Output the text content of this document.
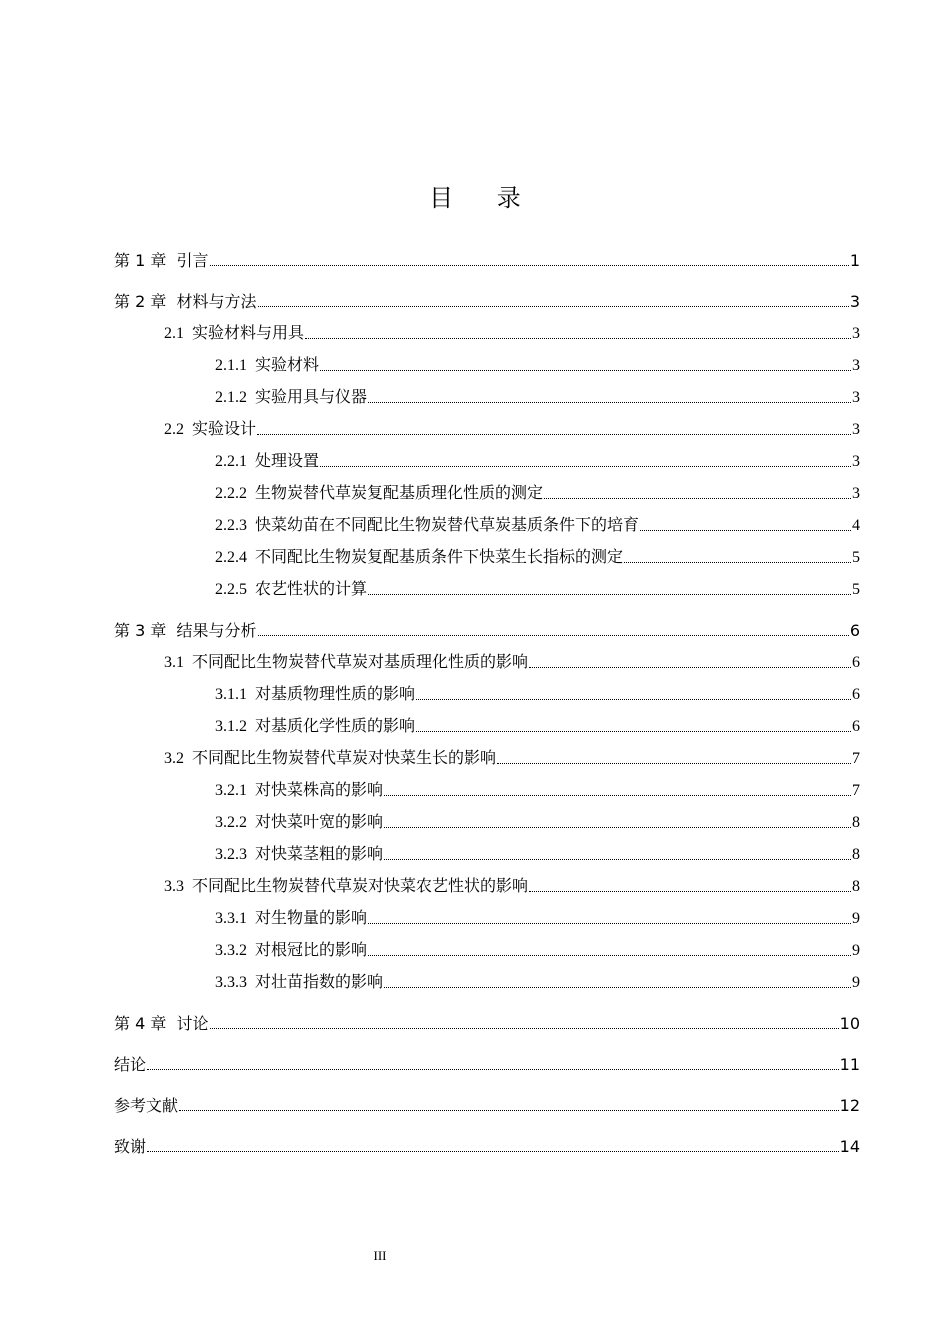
目 录
第 1 章 引言	1
第 2 章 材料与方法	3
2.1 实验材料与用具	3
2.1.1 实验材料	3
2.1.2 实验用具与仪器	3
2.2 实验设计	3
2.2.1 处理设置	3
2.2.2 生物炭替代草炭复配基质理化性质的测定	3
2.2.3 快菜幼苗在不同配比生物炭替代草炭基质条件下的培育	4
2.2.4 不同配比生物炭复配基质条件下快菜生长指标的测定	5
2.2.5 农艺性状的计算	5
第 3 章 结果与分析	6
3.1 不同配比生物炭替代草炭对基质理化性质的影响	6
3.1.1 对基质物理性质的影响	6
3.1.2 对基质化学性质的影响	6
3.2 不同配比生物炭替代草炭对快菜生长的影响	7
3.2.1 对快菜株高的影响	7
3.2.2 对快菜叶宽的影响	8
3.2.3 对快菜茎粗的影响	8
3.3 不同配比生物炭替代草炭对快菜农艺性状的影响	8
3.3.1 对生物量的影响	9
3.3.2 对根冠比的影响	9
3.3.3 对壮苗指数的影响	9
第 4 章 讨论	10
结论	11
参考文献	12
致谢	14
III
